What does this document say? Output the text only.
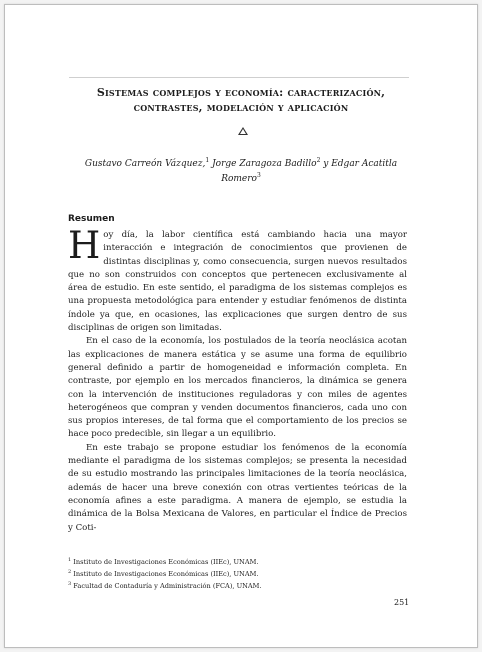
Sistemas complejos y economía: caracterización, contrastes, modelación y aplicación
Gustavo Carreón Vázquez,$^1$ Jorge Zaragoza Badillo$^2$ y Edgar Acatitla Romero$^3$
Resumen

Hoy día, la labor científica está cambiando hacia una mayor interacción e integración de conocimientos que provienen de distintas disciplinas y, como consecuencia, surgen nuevos resultados que no son construidos con conceptos que pertenecen exclusivamente al área de estudio. En este sentido, el paradigma de los sistemas complejos es una propuesta metodológica para entender y estudiar fenómenos de distinta índole ya que, en ocasiones, las explicaciones que surgen dentro de sus disciplinas de origen son limitadas.

En el caso de la economía, los postulados de la teoría neoclásica acotan las explicaciones de manera estática y se asume una forma de equilibrio general definido a partir de homogeneidad e información completa. En contraste, por ejemplo en los mercados financieros, la dinámica se genera con la intervención de instituciones reguladoras y con miles de agentes heterogéneos que compran y venden documentos financieros, cada uno con sus propios intereses, de tal forma que el comportamiento de los precios se hace poco predecible, sin llegar a un equilibrio.

En este trabajo se propone estudiar los fenómenos de la economía mediante el paradigma de los sistemas complejos; se presenta la necesidad de su estudio mostrando las principales limitaciones de la teoría neoclásica, además de hacer una breve conexión con otras vertientes teóricas de la economía afines a este paradigma. A manera de ejemplo, se estudia la dinámica de la Bolsa Mexicana de Valores, en particular el Índice de Precios y Coti-

$^1$ Instituto de Investigaciones Económicas (IIEc), UNAM.
$^2$ Instituto de Investigaciones Económicas (IIEc), UNAM.
$^3$ Facultad de Contaduría y Administración (FCA), UNAM.
251
